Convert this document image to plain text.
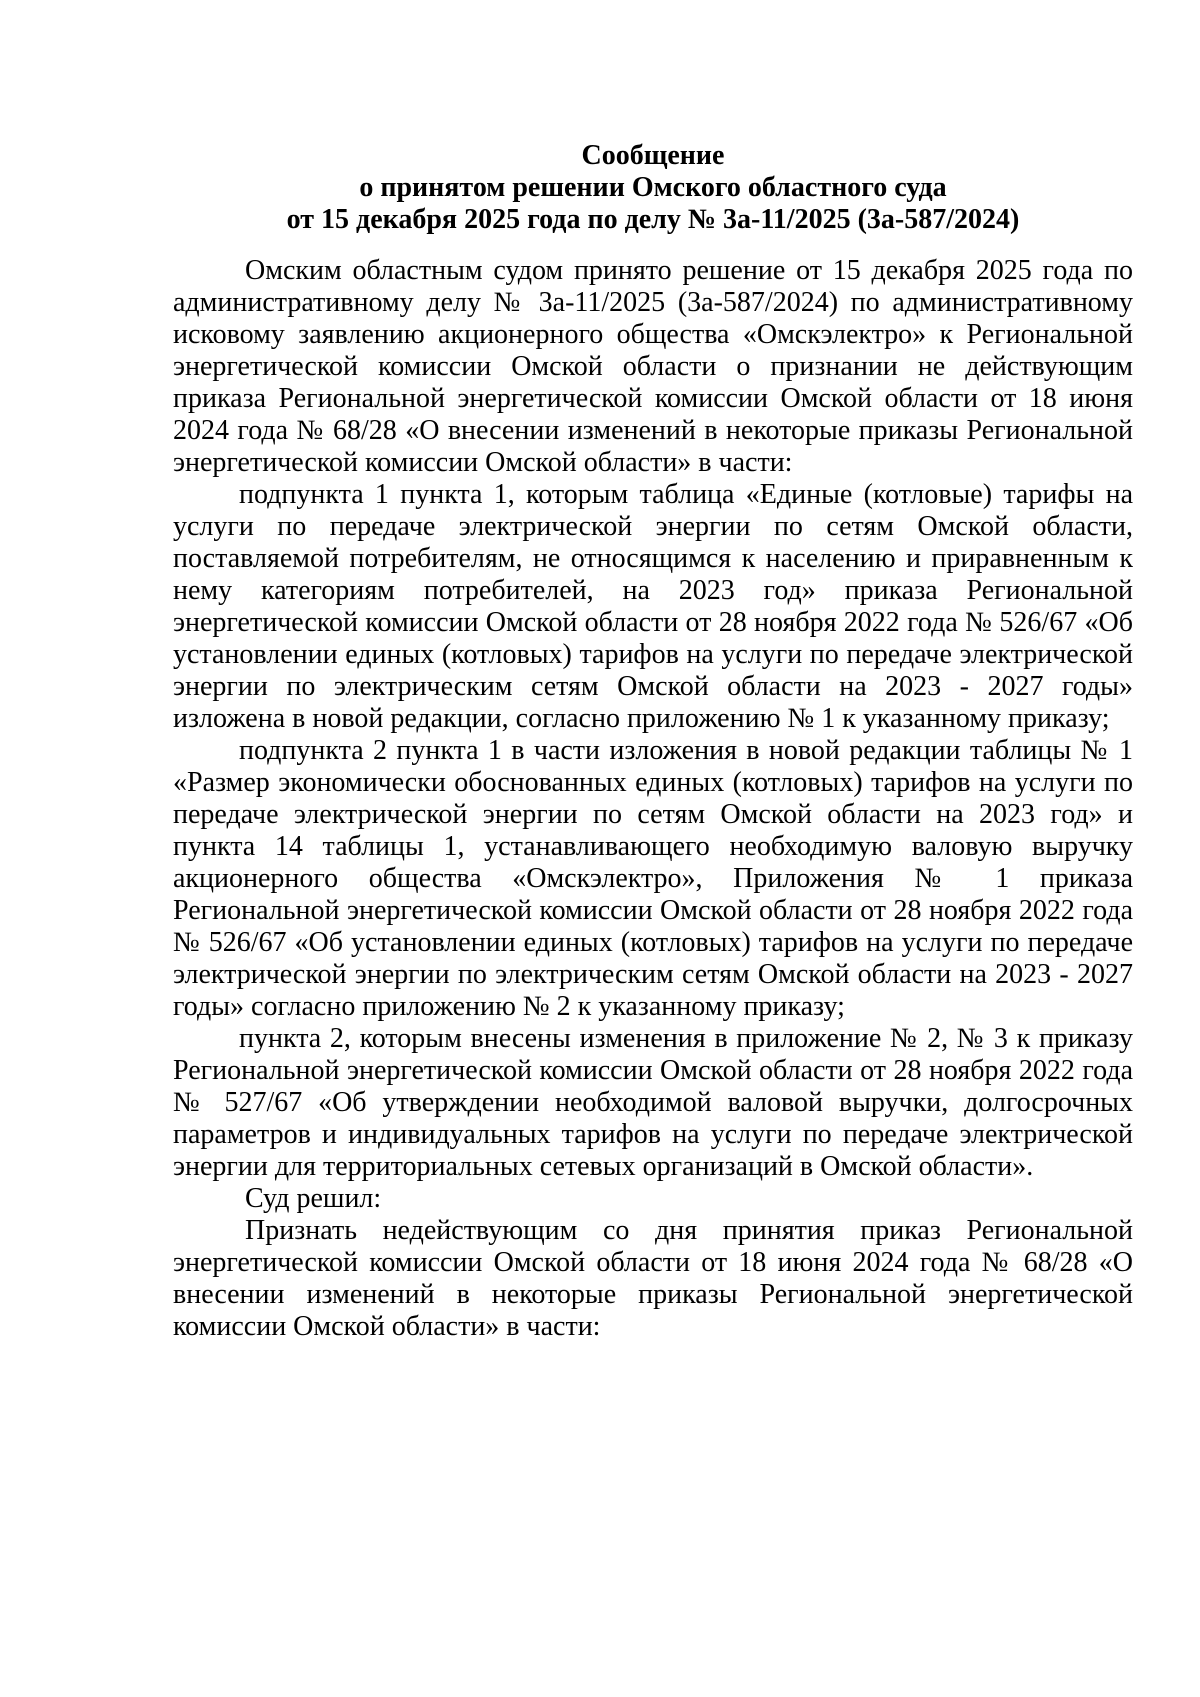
Сообщение
о принятом решении Омского областного суда
от 15 декабря 2025 года по делу № 3а-11/2025 (3а-587/2024)

Омским областным судом принято решение от 15 декабря 2025 года по административному делу № 3а-11/2025 (3а-587/2024) по административному исковому заявлению акционерного общества «Омскэлектро» к Региональной энергетической комиссии Омской области о признании не действующим приказа Региональной энергетической комиссии Омской области от 18 июня 2024 года № 68/28 «О внесении изменений в некоторые приказы Региональной энергетической комиссии Омской области» в части:

подпункта 1 пункта 1, которым таблица «Единые (котловые) тарифы на услуги по передаче электрической энергии по сетям Омской области, поставляемой потребителям, не относящимся к населению и приравненным к нему категориям потребителей, на 2023 год» приказа Региональной энергетической комиссии Омской области от 28 ноября 2022 года № 526/67 «Об установлении единых (котловых) тарифов на услуги по передаче электрической энергии по электрическим сетям Омской области на 2023 - 2027 годы» изложена в новой редакции, согласно приложению № 1 к указанному приказу;

подпункта 2 пункта 1 в части изложения в новой редакции таблицы № 1 «Размер экономически обоснованных единых (котловых) тарифов на услуги по передаче электрической энергии по сетям Омской области на 2023 год» и пункта 14 таблицы 1, устанавливающего необходимую валовую выручку акционерного общества «Омскэлектро», Приложения № 1 приказа Региональной энергетической комиссии Омской области от 28 ноября 2022 года № 526/67 «Об установлении единых (котловых) тарифов на услуги по передаче электрической энергии по электрическим сетям Омской области на 2023 - 2027 годы» согласно приложению № 2 к указанному приказу;

пункта 2, которым внесены изменения в приложение № 2, № 3 к приказу Региональной энергетической комиссии Омской области от 28 ноября 2022 года № 527/67 «Об утверждении необходимой валовой выручки, долгосрочных параметров и индивидуальных тарифов на услуги по передаче электрической энергии для территориальных сетевых организаций в Омской области».

Суд решил:

Признать недействующим со дня принятия приказ Региональной энергетической комиссии Омской области от 18 июня 2024 года № 68/28 «О внесении изменений в некоторые приказы Региональной энергетической комиссии Омской области» в части:
